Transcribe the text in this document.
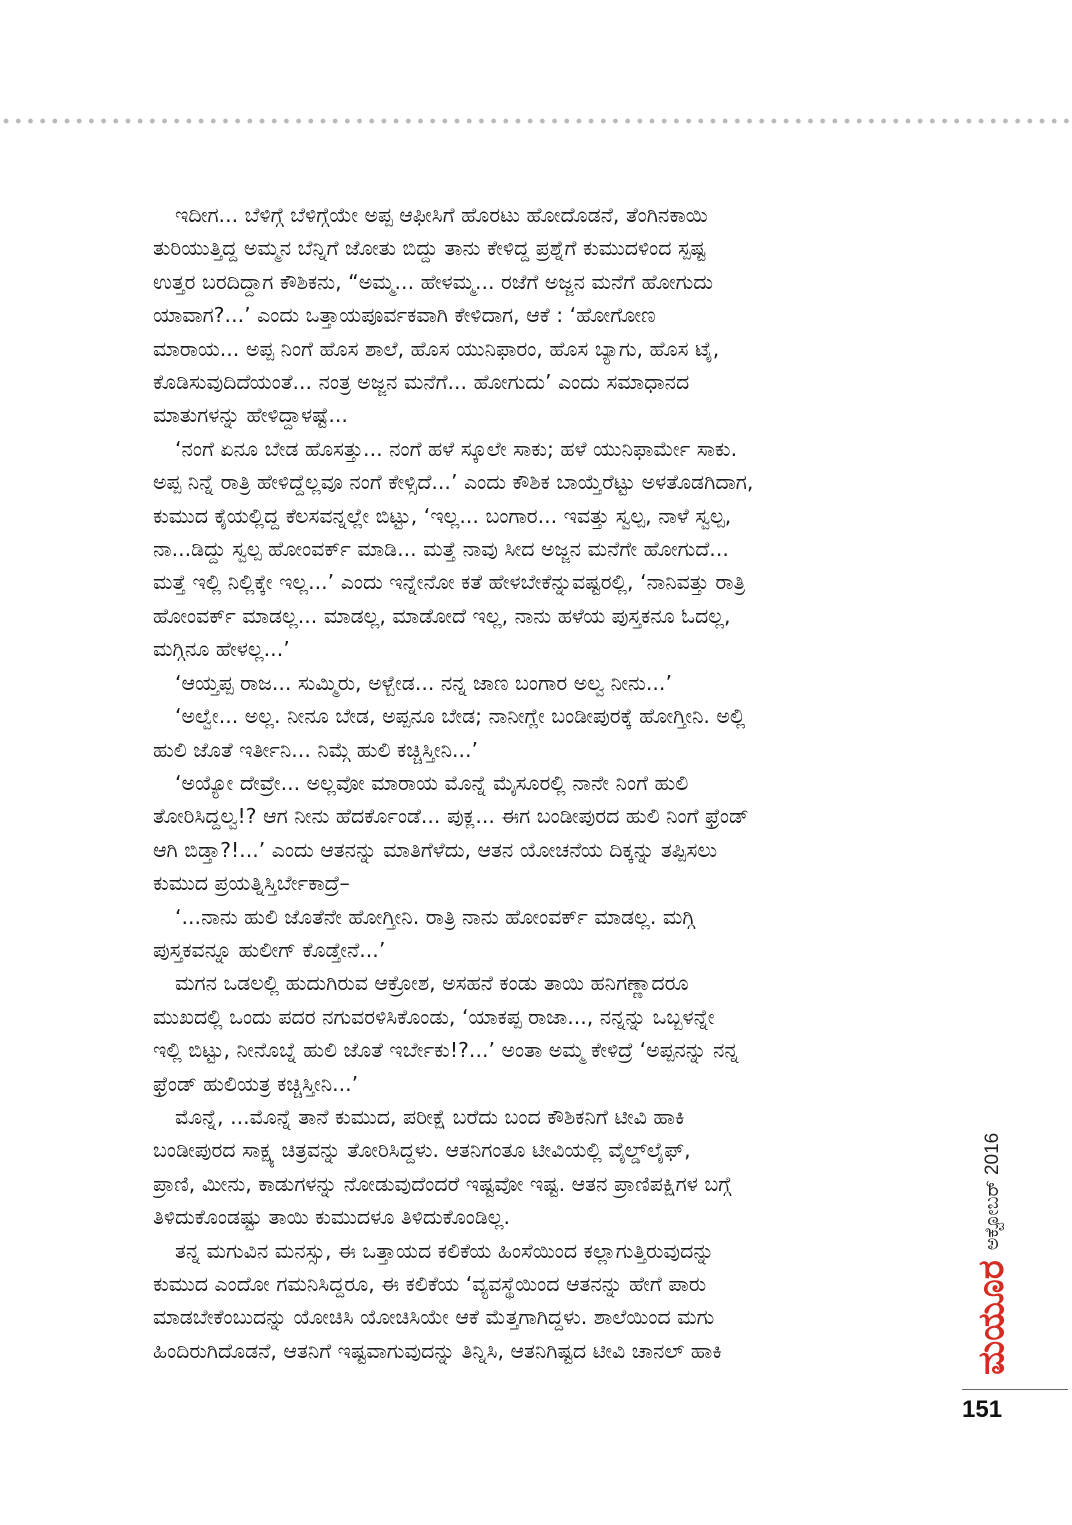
ಇದೀಗ... ಬೆಳಿಗ್ಗೆ ಬೆಳಿಗ್ಗೆಯೇ ಅಪ್ಪ ಆಫೀಸಿಗೆ ಹೊರಟು ಹೋದೊಡನೆ, ತೆಂಗಿನಕಾಯಿ
ತುರಿಯುತ್ತಿದ್ದ ಅಮ್ಮನ ಬೆನ್ನಿಗೆ ಜೋತು ಬಿದ್ದು ತಾನು ಕೇಳಿದ್ದ ಪ್ರಶ್ನೆಗೆ ಕುಮುದಳಿಂದ ಸ್ಪಷ್ಟ
ಉತ್ತರ ಬರದಿದ್ದಾಗ ಕೌಶಿಕನು, “ಅಮ್ಮ... ಹೇಳಮ್ಮ... ರಜೆಗೆ ಅಜ್ಜನ ಮನೆಗೆ ಹೋಗುದು
ಯಾವಾಗ?...’ ಎಂದು ಒತ್ತಾಯಪೂರ್ವಕವಾಗಿ ಕೇಳಿದಾಗ, ಆಕೆ : ‘ಹೋಗೋಣ
ಮಾರಾಯ... ಅಪ್ಪ ನಿಂಗೆ ಹೊಸ ಶಾಲೆ, ಹೊಸ ಯುನಿಫಾರಂ, ಹೊಸ ಬ್ಯಾಗು, ಹೊಸ ಟೈ,
ಕೊಡಿಸುವುದಿದೆಯಂತೆ... ನಂತ್ರ ಅಜ್ಜನ ಮನೆಗೆ... ಹೋಗುದು’ ಎಂದು ಸಮಾಧಾನದ
ಮಾತುಗಳನ್ನು ಹೇಳಿದ್ದಾಳಷ್ಟೆ...

‘ನಂಗೆ ಏನೂ ಬೇಡ ಹೊಸತ್ತು... ನಂಗೆ ಹಳೆ ಸ್ಕೂಲೇ ಸಾಕು; ಹಳೆ ಯುನಿಫಾರ್ಮೇ ಸಾಕು.
ಅಪ್ಪ ನಿನ್ನೆ ರಾತ್ರಿ ಹೇಳಿದ್ದೆಲ್ಲವೂ ನಂಗೆ ಕೇಳ್ಸಿದೆ...’ ಎಂದು ಕೌಶಿಕ ಬಾಯ್ತೆರೆಟ್ಟು ಅಳತೊಡಗಿದಾಗ,
ಕುಮುದ ಕೈಯಲ್ಲಿದ್ದ ಕೆಲಸವನ್ನಲ್ಲೇ ಬಿಟ್ಟು, ‘ಇಲ್ಲ... ಬಂಗಾರ... ಇವತ್ತು ಸ್ವಲ್ಪ, ನಾಳೆ ಸ್ವಲ್ಪ,
ನಾ...ಡಿದ್ದು ಸ್ವಲ್ಪ ಹೋಂವರ್ಕ್ ಮಾಡಿ... ಮತ್ತೆ ನಾವು ಸೀದ ಅಜ್ಜನ ಮನೆಗೇ ಹೋಗುದೆ...
ಮತ್ತೆ ಇಲ್ಲಿ ನಿಲ್ಲಿಕ್ಕೇ ಇಲ್ಲ...’ ಎಂದು ಇನ್ನೇನೋ ಕತೆ ಹೇಳಬೇಕೆನ್ನುವಷ್ಟರಲ್ಲಿ, ‘ನಾನಿವತ್ತು ರಾತ್ರಿ
ಹೋಂವರ್ಕ್ ಮಾಡಲ್ಲ... ಮಾಡಲ್ಲ, ಮಾಡೋದೆ ಇಲ್ಲ, ನಾನು ಹಳೆಯ ಪುಸ್ತಕನೂ ಓದಲ್ಲ,
ಮಗ್ಗಿನೂ ಹೇಳಲ್ಲ...’

‘ಆಯ್ತಪ್ಪ ರಾಜ... ಸುಮ್ಮಿರು, ಅಳ್ಬೇಡ... ನನ್ನ ಜಾಣ ಬಂಗಾರ ಅಲ್ವ ನೀನು...’

‘ಅಲ್ವೇ... ಅಲ್ಲ. ನೀನೂ ಬೇಡ, ಅಪ್ಪನೂ ಬೇಡ; ನಾನೀಗ್ಲೇ ಬಂಡೀಪುರಕ್ಕೆ ಹೋಗ್ತೀನಿ. ಅಲ್ಲಿ
ಹುಲಿ ಜೊತೆ ಇರ್ತೀನಿ... ನಿಮ್ಗೆ ಹುಲಿ ಕಚ್ಚಿಸ್ತೀನಿ...’

‘ಅಯ್ಯೋ ದೇವ್ರೇ... ಅಲ್ಲವೋ ಮಾರಾಯ ಮೊನ್ನೆ ಮೈಸೂರಲ್ಲಿ ನಾನೇ ನಿಂಗೆ ಹುಲಿ
ತೋರಿಸಿದ್ದಲ್ವ!? ಆಗ ನೀನು ಹೆದರ್ಕೊಂಡೆ... ಪುಕ್ಲ... ಈಗ ಬಂಡೀಪುರದ ಹುಲಿ ನಿಂಗೆ ಫ್ರೆಂಡ್
ಆಗಿ ಬಿಡ್ತಾ?!...’ ಎಂದು ಆತನನ್ನು ಮಾತಿಗೆಳೆದು, ಆತನ ಯೋಚನೆಯ ದಿಕ್ಕನ್ನು ತಪ್ಪಿಸಲು
ಕುಮುದ ಪ್ರಯತ್ನಿಸ್ತಿರ್ಬೇಕಾದ್ರೆ–

‘...ನಾನು ಹುಲಿ ಜೊತೆನೇ ಹೋಗ್ತೀನಿ. ರಾತ್ರಿ ನಾನು ಹೋಂವರ್ಕ್ ಮಾಡಲ್ಲ. ಮಗ್ಗಿ
ಪುಸ್ತಕವನ್ನೂ ಹುಲೀಗ್ ಕೊಡ್ತೇನೆ...’

ಮಗನ ಒಡಲಲ್ಲಿ ಹುದುಗಿರುವ ಆಕ್ರೋಶ, ಅಸಹನೆ ಕಂಡು ತಾಯಿ ಹನಿಗಣ್ಣಾದರೂ
ಮುಖದಲ್ಲಿ ಒಂದು ಪದರ ನಗುವರಳಿಸಿಕೊಂಡು, ‘ಯಾಕಪ್ಪ ರಾಜಾ..., ನನ್ನನ್ನು ಒಬ್ಬಳನ್ನೇ
ಇಲ್ಲಿ ಬಿಟ್ಟು, ನೀನೊಬ್ನೆ ಹುಲಿ ಜೊತೆ ಇರ್ಬೇಕು!?...’ ಅಂತಾ ಅಮ್ಮ ಕೇಳಿದ್ರೆ ‘ಅಪ್ಪನನ್ನು ನನ್ನ
ಫ್ರೆಂಡ್ ಹುಲಿಯತ್ರ ಕಚ್ಚಿಸ್ತೀನಿ...’

ಮೊನ್ನೆ, ...ಮೊನ್ನೆ ತಾನೆ ಕುಮುದ, ಪರೀಕ್ಷೆ ಬರೆದು ಬಂದ ಕೌಶಿಕನಿಗೆ ಟೀವಿ ಹಾಕಿ
ಬಂಡೀಪುರದ ಸಾಕ್ಷ್ಯ ಚಿತ್ರವನ್ನು ತೋರಿಸಿದ್ದಳು. ಆತನಿಗಂತೂ ಟೀವಿಯಲ್ಲಿ ವೈಲ್ಡ್‌ಲೈಫ್,
ಪ್ರಾಣಿ, ಮೀನು, ಕಾಡುಗಳನ್ನು ನೋಡುವುದೆಂದರೆ ಇಷ್ಟವೋ ಇಷ್ಟ. ಆತನ ಪ್ರಾಣಿಪಕ್ಷಿಗಳ ಬಗ್ಗೆ
ತಿಳಿದುಕೊಂಡಷ್ಟು ತಾಯಿ ಕುಮುದಳೂ ತಿಳಿದುಕೊಂಡಿಲ್ಲ.

ತನ್ನ ಮಗುವಿನ ಮನಸ್ಸು, ಈ ಒತ್ತಾಯದ ಕಲಿಕೆಯ ಹಿಂಸೆಯಿಂದ ಕಲ್ಲಾಗುತ್ತಿರುವುದನ್ನು
ಕುಮುದ ಎಂದೋ ಗಮನಿಸಿದ್ದರೂ, ಈ ಕಲಿಕೆಯ ‘ವ್ಯವಸ್ಥೆಯಿಂದ ಆತನನ್ನು ಹೇಗೆ ಪಾರು
ಮಾಡಬೇಕೆಂಬುದನ್ನು ಯೋಚಿಸಿ ಯೋಚಿಸಿಯೇ ಆಕೆ ಮೆತ್ತಗಾಗಿದ್ದಳು. ಶಾಲೆಯಿಂದ ಮಗು
ಹಿಂದಿರುಗಿದೊಡನೆ, ಆತನಿಗೆ ಇಷ್ಟವಾಗುವುದನ್ನು ತಿನ್ನಿಸಿ, ಆತನಿಗಿಷ್ಟದ ಟೀವಿ ಚಾನಲ್ ಹಾಕಿ	ಮಯೂರ
ಅಕ್ಟೋಬರ್ 2016
151
